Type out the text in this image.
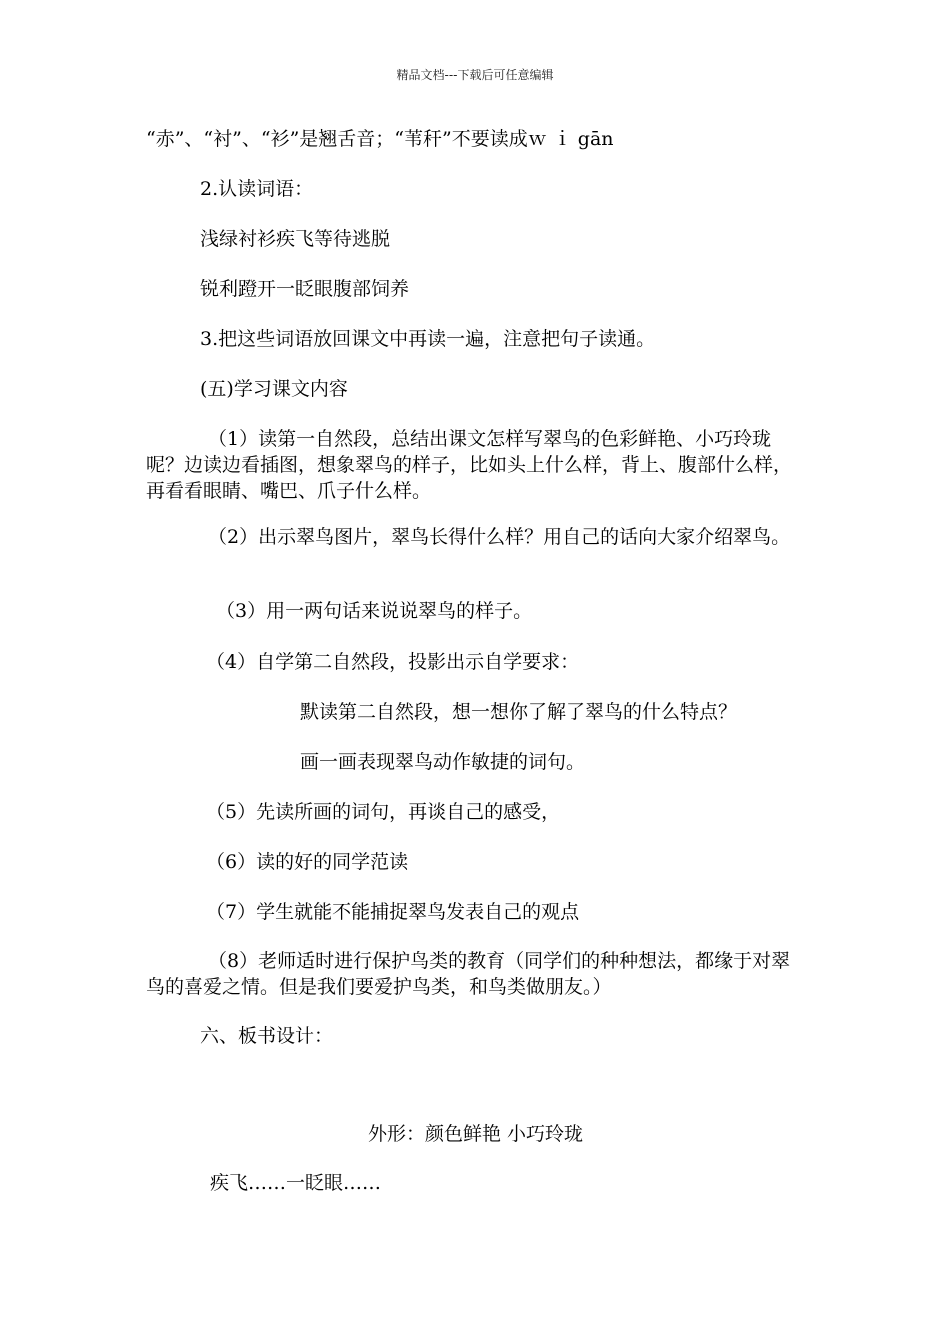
精品文档---下载后可任意编辑
“赤”、“衬”、“衫”是翘舌音；“苇秆”不要读成ｗ ｉ gān
2.认读词语：
浅绿衬衫疾飞等待逃脱
锐利蹬开一眨眼腹部饲养
3.把这些词语放回课文中再读一遍，注意把句子读通。
(五)学习课文内容
（1）读第一自然段，总结出课文怎样写翠鸟的色彩鲜艳、小巧玲珑呢？边读边看插图，想象翠鸟的样子，比如头上什么样，背上、腹部什么样，再看看眼睛、嘴巴、爪子什么样。
（2）出示翠鸟图片，翠鸟长得什么样？用自己的话向大家介绍翠鸟。
（3）用一两句话来说说翠鸟的样子。
（4）自学第二自然段，投影出示自学要求：
默读第二自然段，想一想你了解了翠鸟的什么特点？
画一画表现翠鸟动作敏捷的词句。
（5）先读所画的词句，再谈自己的感受，
（6）读的好的同学范读
（7）学生就能不能捕捉翠鸟发表自己的观点
（8）老师适时进行保护鸟类的教育（同学们的种种想法，都缘于对翠鸟的喜爱之情。但是我们要爱护鸟类，和鸟类做朋友。）
六、板书设计：
外形：颜色鲜艳 小巧玲珑
疾飞……一眨眼……
